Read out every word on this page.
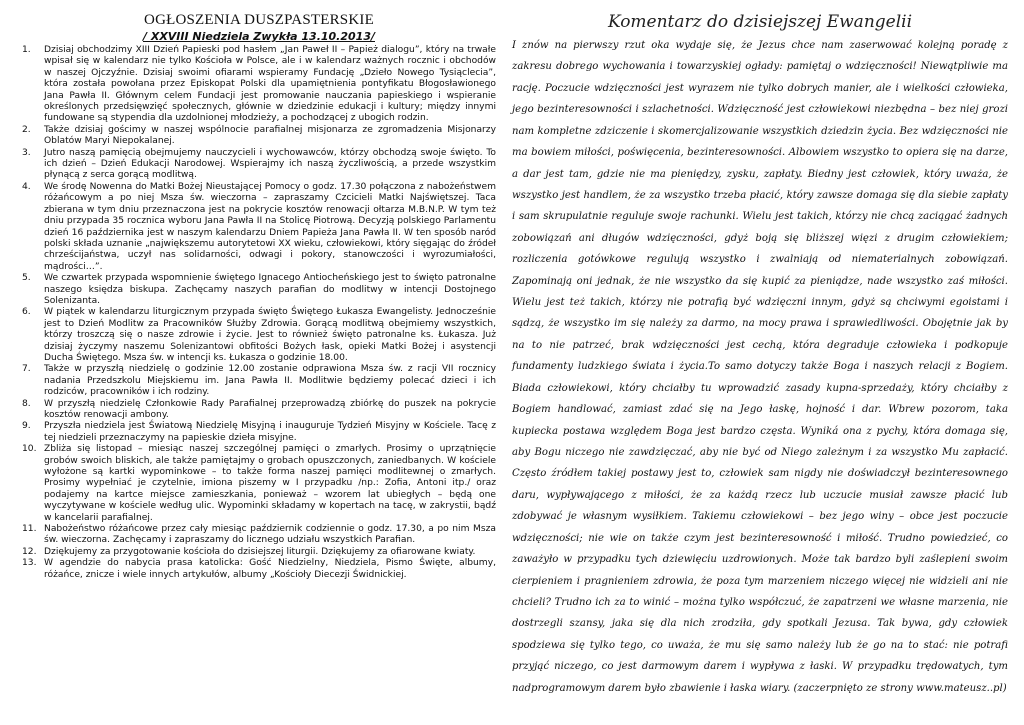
OGŁOSZENIA DUSZPASTERSKIE
/ XXVIII Niedziela Zwykła 13.10.2013/
1.	Dzisiaj obchodzimy XIII Dzień Papieski pod hasłem „Jan Paweł II – Papież dialogu”, który na trwałe wpisał się w kalendarz nie tylko Kościoła w Polsce, ale i w kalendarz ważnych rocznic i obchodów w naszej Ojczyźnie. Dzisiaj swoimi ofiarami wspieramy Fundację „Dzieło Nowego Tysiąclecia”, która została powołana przez Episkopat Polski dla upamiętnienia pontyfikatu Błogosławionego Jana Pawła II. Głównym celem Fundacji jest promowanie nauczania papieskiego i wspieranie określonych przedsięwzięć społecznych, głównie w dziedzinie edukacji i kultury; między innymi fundowane są stypendia dla uzdolnionej młodzieży, a pochodzącej z ubogich rodzin.
2.	Także dzisiaj gościmy w naszej wspólnocie parafialnej misjonarza ze zgromadzenia Misjonarzy Oblatów Maryi Niepokalanej.
3.	Jutro naszą pamięcią obejmujemy nauczycieli i wychowawców, którzy obchodzą swoje święto. To ich dzień – Dzień Edukacji Narodowej. Wspierajmy ich naszą życzliwością, a przede wszystkim płynącą z serca gorącą modlitwą.
4.	We środę Nowenna do Matki Bożej Nieustającej Pomocy o godz. 17.30 połączona z nabożeństwem różańcowym a po niej Msza św. wieczorna – zapraszamy Czcicieli Matki Najświętszej. Taca zbierana w tym dniu przeznaczona jest na pokrycie kosztów renowacji ołtarza M.B.N.P. W tym też dniu przypada 35 rocznica wyboru Jana Pawła II na Stolicę Piotrową. Decyzją polskiego Parlamentu dzień 16 października jest w naszym kalendarzu Dniem Papieża Jana Pawła II. W ten sposób naród polski składa uznanie „największemu autorytetowi XX wieku, człowiekowi, który sięgając do źródeł chrześcijaństwa, uczył nas solidarności, odwagi i pokory, stanowczości i wyrozumiałości, mądrości…”.
5.	We czwartek przypada wspomnienie świętego Ignacego Antiocheńskiego jest to święto patronalne naszego księdza biskupa. Zachęcamy naszych parafian do modlitwy w intencji Dostojnego Solenizanta.
6.	W piątek w kalendarzu liturgicznym przypada święto Świętego Łukasza Ewangelisty. Jednocześnie jest to Dzień Modlitw za Pracowników Służby Zdrowia. Gorącą modlitwą obejmiemy wszystkich, którzy troszczą się o nasze zdrowie i życie. Jest to również święto patronalne ks. Łukasza. Już dzisiaj życzymy naszemu Solenizantowi obfitości Bożych łask, opieki Matki Bożej i asystencji Ducha Świętego. Msza św. w intencji ks. Łukasza o godzinie 18.00.
7.	Także w przyszłą niedzielę o godzinie 12.00 zostanie odprawiona Msza św. z racji VII rocznicy nadania Przedszkolu Miejskiemu im. Jana Pawła II. Modlitwie będziemy polecać dzieci i ich rodziców, pracowników i ich rodziny.
8.	W przyszłą niedzielę Członkowie Rady Parafialnej przeprowadzą zbiórkę do puszek na pokrycie kosztów renowacji ambony.
9.	Przyszła niedziela jest Światową Niedzielę Misyjną i inauguruje Tydzień Misyjny w Kościele. Tacę z tej niedzieli przeznaczymy na papieskie dzieła misyjne.
10. Zbliża się listopad – miesiąc naszej szczególnej pamięci o zmarłych. Prosimy o uprzątnięcie grobów swoich bliskich, ale także pamiętajmy o grobach opuszczonych, zaniedbanych. W kościele wyłożone są kartki wypominkowe – to także forma naszej pamięci modlitewnej o zmarłych. Prosimy wypełniać je czytelnie, imiona piszemy w I przypadku /np.: Zofia, Antoni itp./ oraz podajemy na kartce miejsce zamieszkania, ponieważ – wzorem lat ubiegłych – będą one wyczytywane w kościele według ulic. Wypominki składamy w kopertach na tacę, w zakrystii, bądź w kancelarii parafialnej.
11. Nabożeństwo różańcowe przez cały miesiąc październik codziennie o godz. 17.30, a po nim Msza św. wieczorna. Zachęcamy i zapraszamy do licznego udziału wszystkich Parafian.
12. Dziękujemy za przygotowanie kościoła do dzisiejszej liturgii. Dziękujemy za ofiarowane kwiaty.
13. W agendzie do nabycia prasa katolicka: Gość Niedzielny, Niedziela, Pismo Święte, albumy, różańce, znicze i wiele innych artykułów, albumy „Kościoły Diecezji Świdnickiej.
Komentarz do dzisiejszej Ewangelii

I znów na pierwszy rzut oka wydaje się, że Jezus chce nam zaserwować kolejną poradę z zakresu dobrego wychowania i towarzyskiej ogłady: pamiętaj o wdzięczności! Niewątpliwie ma rację. Poczucie wdzięczności jest wyrazem nie tylko dobrych manier, ale i wielkości człowieka, jego bezinteresowności i szlachetności. Wdzięczność jest człowiekowi niezbędna – bez niej grozi nam kompletne zdziczenie i skomercjalizowanie wszystkich dziedzin życia. Bez wdzięczności nie ma bowiem miłości, poświęcenia, bezinteresowności. Albowiem wszystko to opiera się na darze, a dar jest tam, gdzie nie ma pieniędzy, zysku, zapłaty. Biedny jest człowiek, który uważa, że wszystko jest handlem, że za wszystko trzeba płacić, który zawsze domaga się dla siebie zapłaty i sam skrupulatnie reguluje swoje rachunki. Wielu jest takich, którzy nie chcą zaciągać żadnych zobowiązań ani długów wdzięczności, gdyż boją się bliższej więzi z drugim człowiekiem; rozliczenia gotówkowe regulują wszystko i zwalniają od niematerialnych zobowiązań. Zapominają oni jednak, że nie wszystko da się kupić za pieniądze, nade wszystko zaś miłości. Wielu jest też takich, którzy nie potrafią być wdzięczni innym, gdyż są chciwymi egoistami i sądzą, że wszystko im się należy za darmo, na mocy prawa i sprawiedliwości. Obojętnie jak by na to nie patrzeć, brak wdzięczności jest cechą, która degraduje człowieka i podkopuje fundamenty ludzkiego świata i życia.To samo dotyczy także Boga i naszych relacji z Bogiem. Biada człowiekowi, który chciałby tu wprowadzić zasady kupna-sprzedaży, który chciałby z Bogiem handlować, zamiast zdać się na Jego łaskę, hojność i dar. Wbrew pozorom, taka kupiecka postawa względem Boga jest bardzo częsta. Wyniká ona z pychy, która domaga się, aby Bogu niczego nie zawdzięczać, aby nie być od Niego zależnym i za wszystko Mu zapłacić. Często źródłem takiej postawy jest to, człowiek sam nigdy nie doświadczył bezinteresownego daru, wypływającego z miłości, że za każdą rzecz lub uczucie musiał zawsze płacić lub zdobywać je własnym wysiłkiem. Takiemu człowiekowi – bez jego winy – obce jest poczucie wdzięczności; nie wie on także czym jest bezinteresowność i miłość. Trudno powiedzieć, co zaważyło w przypadku tych dziewięciu uzdrowionych. Może tak bardzo byli zaślepieni swoim cierpieniem i pragnieniem zdrowia, że poza tym marzeniem niczego więcej nie widzieli ani nie chcieli? Trudno ich za to winić – można tylko współczuć, że zapatrzeni we własne marzenia, nie dostrzegli szansy, jaka się dla nich zrodziła, gdy spotkali Jezusa. Tak bywa, gdy człowiek spodziewa się tylko tego, co uważa, że mu się samo należy lub że go na to stać: nie potrafi przyjąć niczego, co jest darmowym darem i wypływa z łaski. W przypadku trędowatych, tym nadprogramowym darem było zbawienie i łaska wiary. (zaczerpnięto ze strony www.mateusz..pl)
